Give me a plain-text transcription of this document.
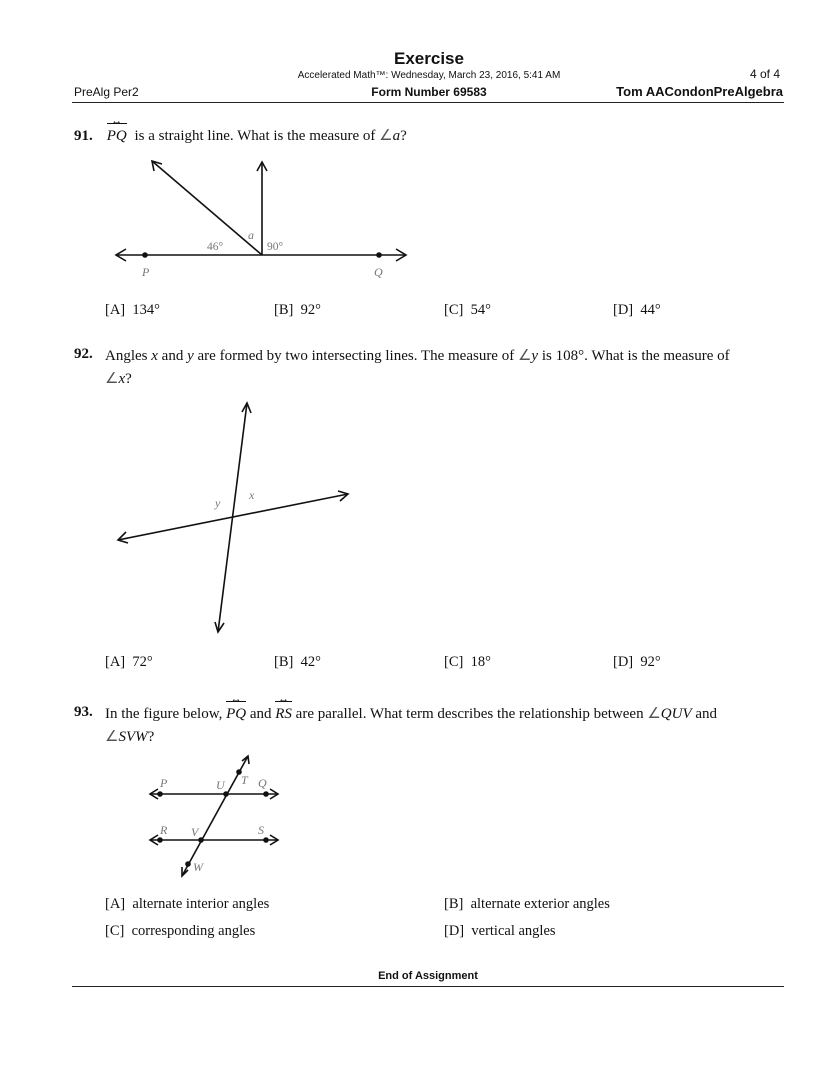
Exercise
Accelerated Math™: Wednesday, March 23, 2016, 5:41 AM	4 of 4
PreAlg Per2	Form Number 69583	Tom AACondonPreAlgebra
91. PQ ↔ is a straight line. What is the measure of ∠a?
P	Q
a
46°	90°
[A] 134°	[B] 92°	[C] 54°	[D] 44°
92. Angles x and y are formed by two intersecting lines. The measure of ∠y is 108°. What is the measure of
∠x?
x
y
[A] 72°	[B] 42°	[C] 18°	[D] 92°
93. In the figure below, PQ ↔ and RS ↔ are parallel. What term describes the relationship between ∠QUV and
∠SVW?
P	T
U	Q
R V	S
W
[A] alternate interior angles	[B] alternate exterior angles
[C] corresponding angles	[D] vertical angles
End of Assignment
